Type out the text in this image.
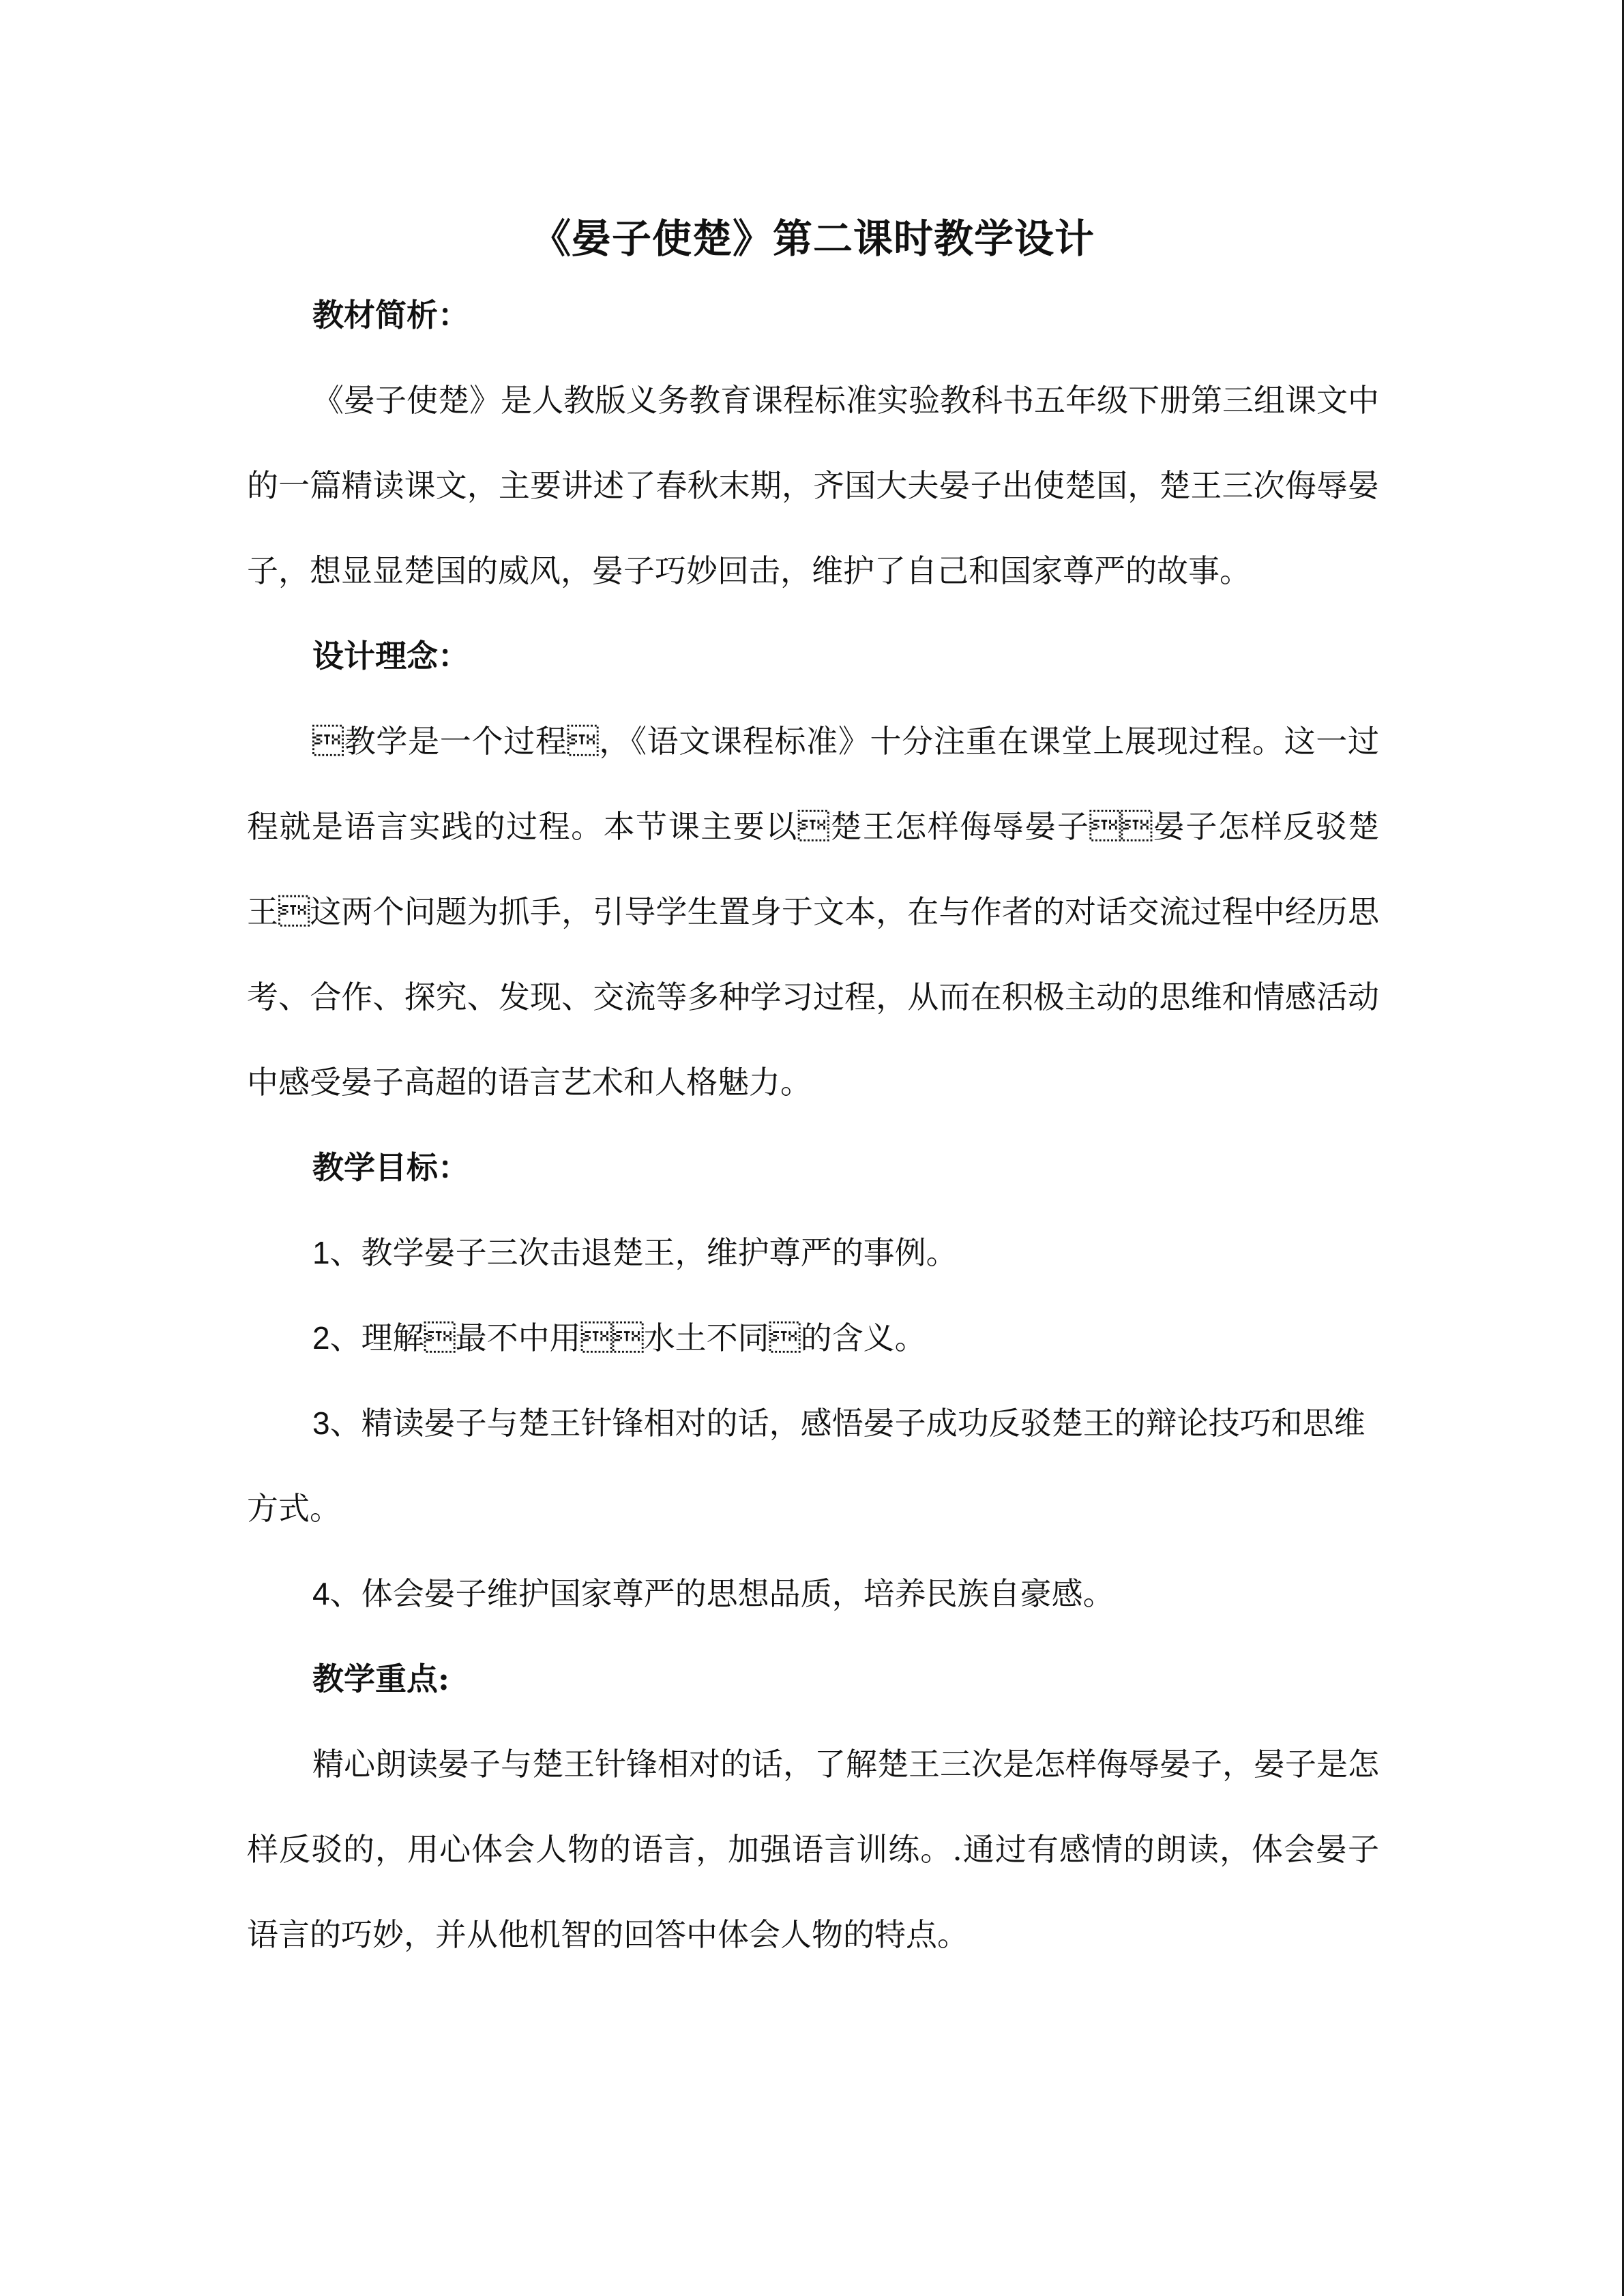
《晏子使楚》第二课时教学设计

教材简析：

《晏子使楚》是人教版义务教育课程标准实验教科书五年级下册第三组课文中的一篇精读课文，主要讲述了春秋末期，齐国大夫晏子出使楚国，楚王三次侮辱晏子，想显显楚国的威风，晏子巧妙回击，维护了自己和国家尊严的故事。

设计理念：

教学是一个过程，《语文课程标准》十分注重在课堂上展现过程。这一过程就是语言实践的过程。本节课主要以楚王怎样侮辱晏子晏子怎样反驳楚王这两个问题为抓手，引导学生置身于文本，在与作者的对话交流过程中经历思考、合作、探究、发现、交流等多种学习过程，从而在积极主动的思维和情感活动中感受晏子高超的语言艺术和人格魅力。

教学目标：

1、教学晏子三次击退楚王，维护尊严的事例。

2、理解最不中用水土不同的含义。

3、精读晏子与楚王针锋相对的话，感悟晏子成功反驳楚王的辩论技巧和思维方式。

4、体会晏子维护国家尊严的思想品质，培养民族自豪感。

教学重点:

精心朗读晏子与楚王针锋相对的话，了解楚王三次是怎样侮辱晏子，晏子是怎样反驳的，用心体会人物的语言，加强语言训练。.通过有感情的朗读，体会晏子语言的巧妙，并从他机智的回答中体会人物的特点。
